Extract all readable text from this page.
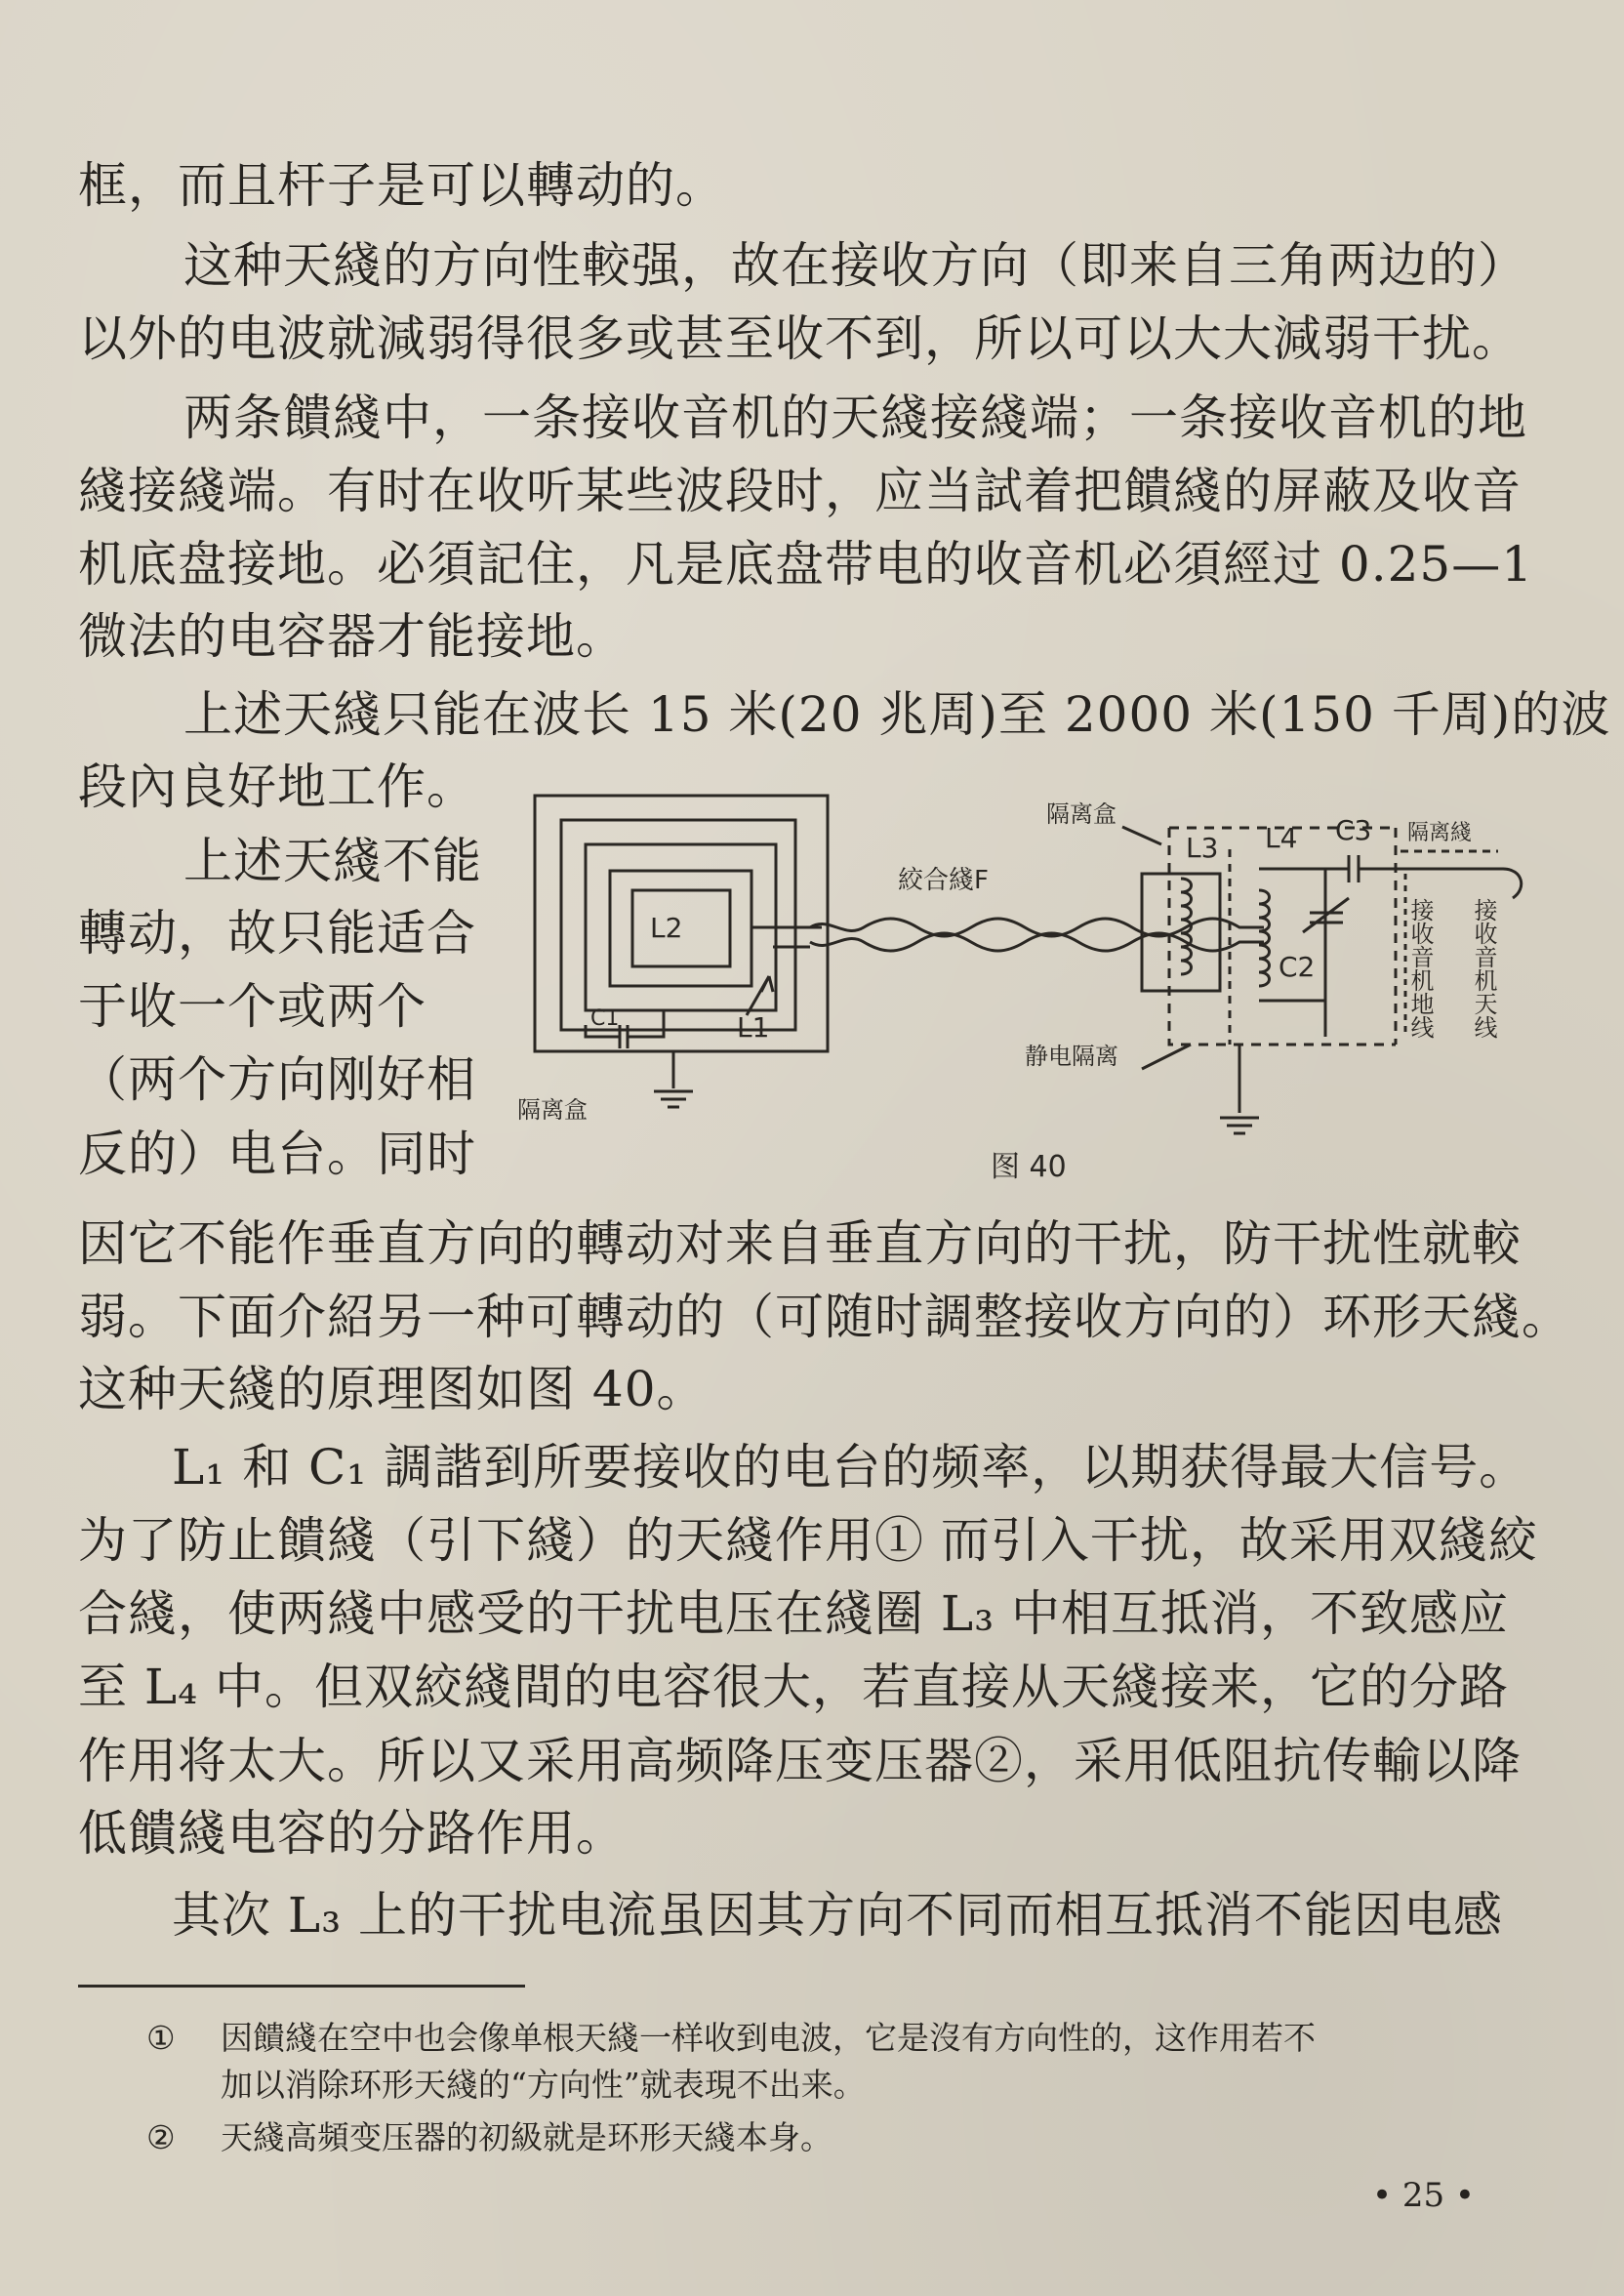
框，而且杆子是可以轉动的。
这种天綫的方向性較强，故在接收方向（即来自三角两边的）
以外的电波就減弱得很多或甚至收不到，所以可以大大減弱干扰。
两条饋綫中，一条接收音机的天綫接綫端；一条接收音机的地
綫接綫端。有时在收听某些波段时，应当試着把饋綫的屏蔽及收音
机底盘接地。必須記住，凡是底盘带电的收音机必須經过 0.25—1
微法的电容器才能接地。
上述天綫只能在波长 15 米(20 兆周)至 2000 米(150 千周)的波
段內良好地工作。
上述天綫不能
轉动，故只能适合
于收一个或两个
（两个方向刚好相
反的）电台。同时
因它不能作垂直方向的轉动对来自垂直方向的干扰，防干扰性就較
弱。下面介紹另一种可轉动的（可随时調整接收方向的）环形天綫。
这种天綫的原理图如图 40。
L₁ 和 C₁ 調諧到所要接收的电台的频率，以期获得最大信号。
为了防止饋綫（引下綫）的天綫作用① 而引入干扰，故采用双綫絞
合綫，使两綫中感受的干扰电压在綫圈 L₃ 中相互抵消，不致感应
至 L₄ 中。但双絞綫間的电容很大，若直接从天綫接来，它的分路
作用将太大。所以又采用高频降压变压器②，采用低阻抗传輸以降
低饋綫电容的分路作用。
其次 L₃ 上的干扰电流虽因其方向不同而相互抵消不能因电感
L2
L1
C1
隔离盒
絞合綫F
隔离盒
L3 L4 C3
C2
隔离綫
静电隔离
接收音机地线 接收音机天线
图 40
① 因饋綫在空中也会像单根天綫一样收到电波，它是沒有方向性的，这作用若不
加以消除环形天綫的“方向性”就表現不出来。
② 天綫高頻变压器的初級就是环形天綫本身。
• 25 •
